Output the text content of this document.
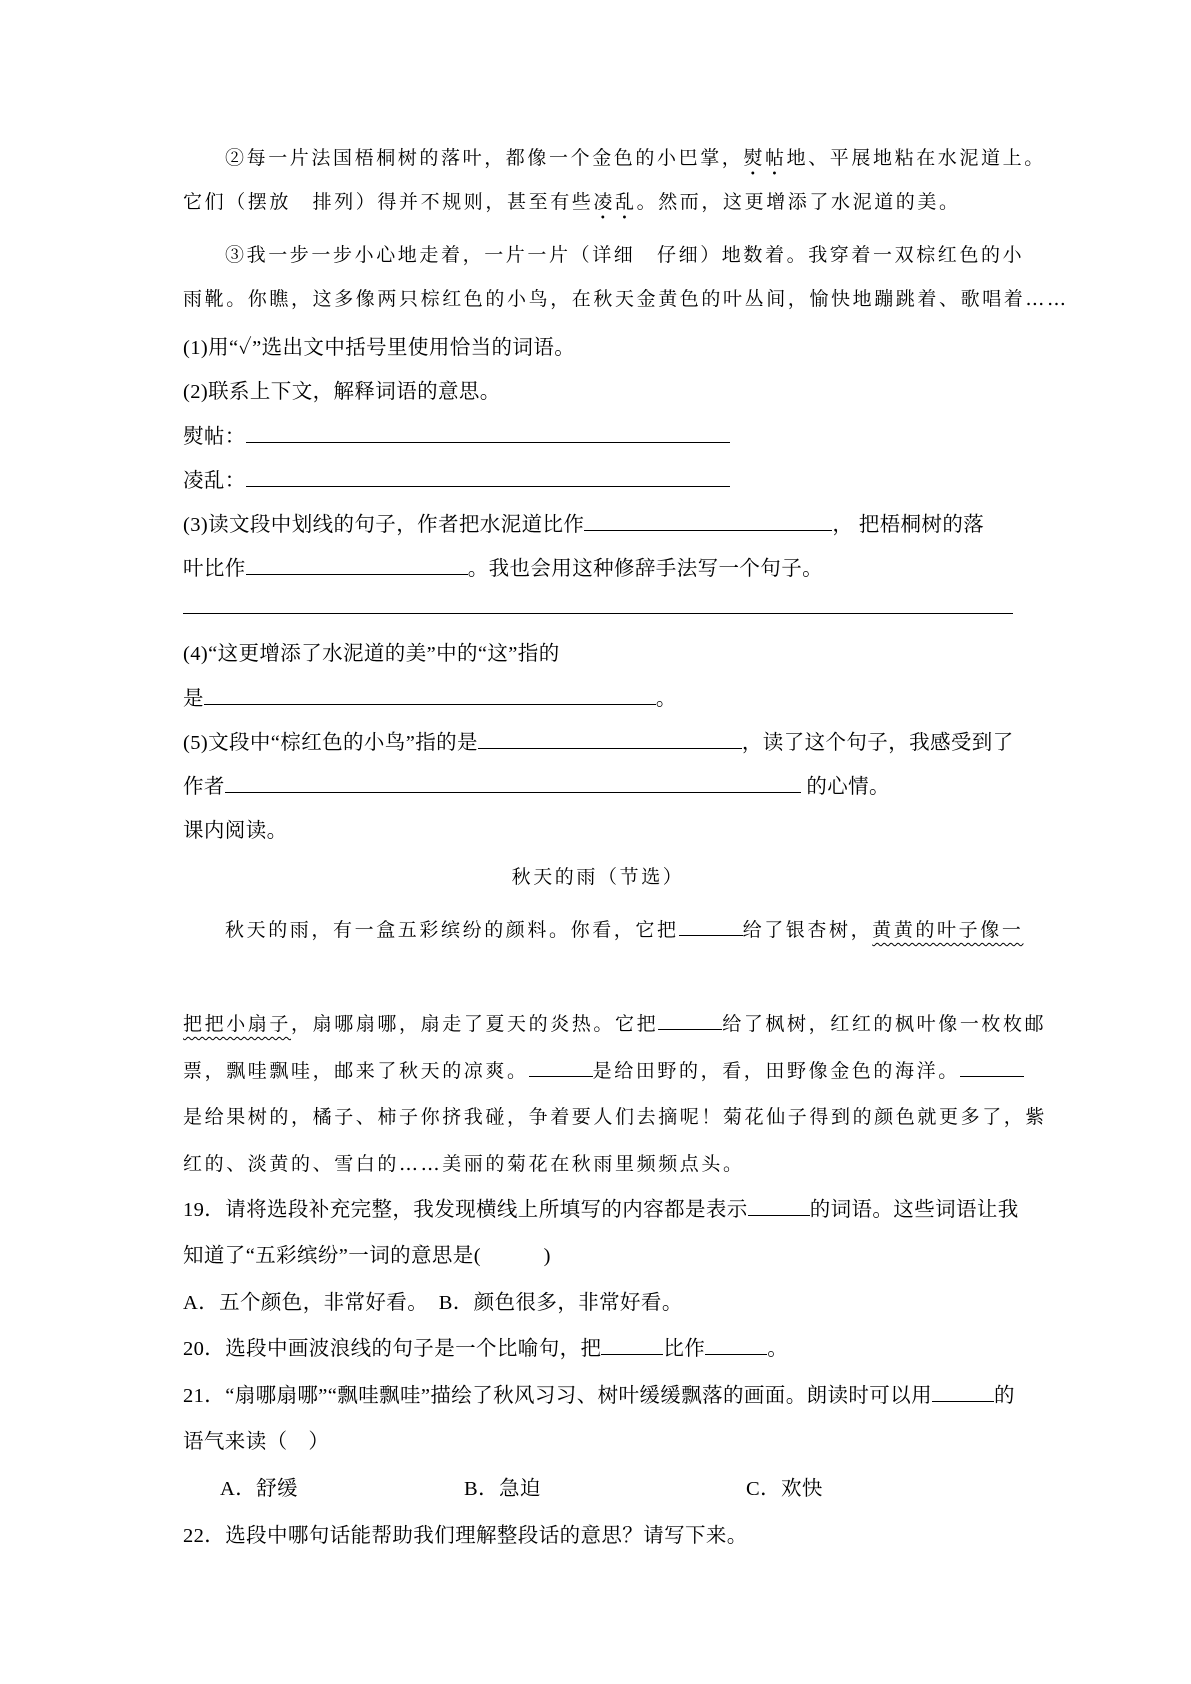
②每一片法国梧桐树的落叶，都像一个金色的小巴掌，熨帖地、平展地粘在水泥道上。
它们（摆放　排列）得并不规则，甚至有些凌乱。然而，这更增添了水泥道的美。
③我一步一步小心地走着，一片一片（详细　仔细）地数着。我穿着一双棕红色的小
雨靴。你瞧，这多像两只棕红色的小鸟，在秋天金黄色的叶丛间，愉快地蹦跳着、歌唱着……
(1)用“✓”选出文中括号里使用恰当的词语。
(2)联系上下文，解释词语的意思。
熨帖：
凌乱：
(3)读文段中划线的句子，作者把水泥道比作	， 把梧桐树的落
叶比作	。我也会用这种修辞手法写一个句子。
(4)“这更增添了水泥道的美”中的“这”指的
是	。
(5)文段中“棕红色的小鸟”指的是	，读了这个句子，我感受到了
作者	的心情。
课内阅读。
秋天的雨（节选）
秋天的雨，有一盒五彩缤纷的颜料。你看，它把	给了银杏树，黄黄的叶子像一
把把小扇子，扇哪扇哪，扇走了夏天的炎热。它把	给了枫树，红红的枫叶像一枚枚邮
票，飘哇飘哇，邮来了秋天的凉爽。	是给田野的，看，田野像金色的海洋。
是给果树的，橘子、柿子你挤我碰，争着要人们去摘呢！菊花仙子得到的颜色就更多了，紫
红的、淡黄的、雪白的……美丽的菊花在秋雨里频频点头。
19．请将选段补充完整，我发现横线上所填写的内容都是表示	的词语。这些词语让我
知道了“五彩缤纷”一词的意思是(　　　)
A．五个颜色，非常好看。　B．颜色很多，非常好看。
20．选段中画波浪线的句子是一个比喻句，把	比作	。
21．“扇哪扇哪”“飘哇飘哇”描绘了秋风习习、树叶缓缓飘落的画面。朗读时可以用	的
语气来读（　）
A．舒缓	B．急迫	C．欢快
22．选段中哪句话能帮助我们理解整段话的意思？请写下来。
